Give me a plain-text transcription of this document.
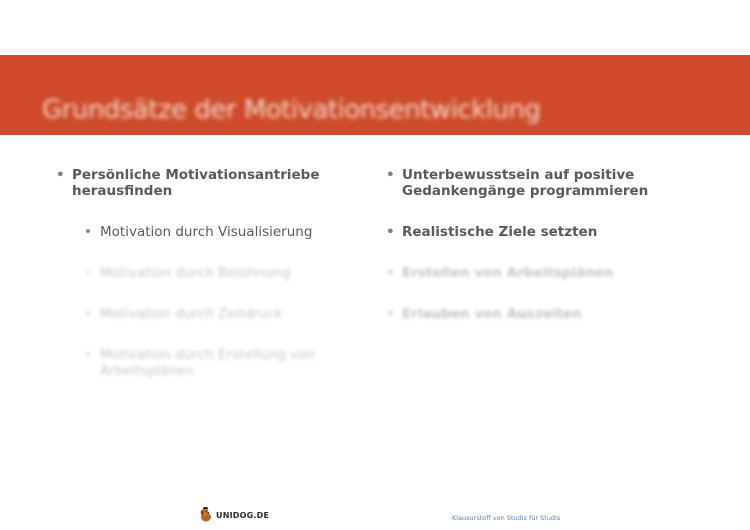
Grundsätze der Motivationsentwicklung
• Persönliche Motivationsantriebe herausfinden
• Motivation durch Visualisierung
• Motivation durch Belohnung
• Motivation durch Zeitdruck
• Motivation durch Erstellung von Arbeitsplänen
• Unterbewusstsein auf positive Gedankengänge programmieren
• Realistische Ziele setzten
• Erstellen von Arbeitsplänen
• Erlauben von Auszeiten
UNIDOG.DE	Klausurstoff von Studis für Studis
